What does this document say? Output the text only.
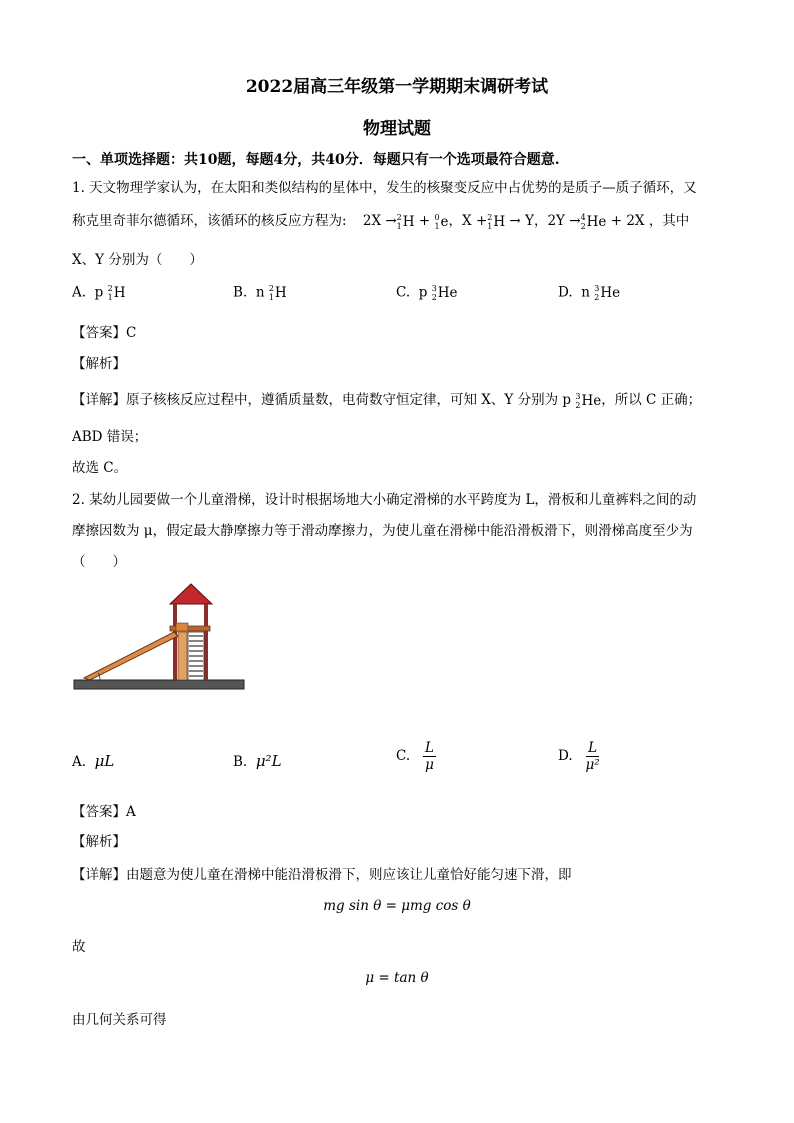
2022届高三年级第一学期期末调研考试
物理试题
一、单项选择题：共10题，每题4分，共40分．每题只有一个选项最符合题意.
1. 天文物理学家认为，在太阳和类似结构的星体中，发生的核聚变反应中占优势的是质子—质子循环，又
称克里奇菲尔德循环，该循环的核反应方程为: 2X → 2
1 H + 0
1 e，X + 2
1 H → Y，2Y → 4
2 He + 2X ，其中
X、Y 分别为（　　）
A. p 2
1 H	B. n 2
1 H	C. p 3
2 He	D. n 3
2 He
【答案】C
【解析】
【详解】原子核核反应过程中，遵循质量数，电荷数守恒定律，可知 X、Y 分别为 p 3
2 He，所以 C 正确；
ABD 错误；
故选 C。
2. 某幼儿园要做一个儿童滑梯，设计时根据场地大小确定滑梯的水平跨度为 L，滑板和儿童裤料之间的动
摩擦因数为 μ，假定最大静摩擦力等于滑动摩擦力，为使儿童在滑梯中能沿滑板滑下，则滑梯高度至少为
（　　）
A. μL	B. μ²L	C. $\frac{L}{\mu}$	D. $\frac{L}{\text{μ²}}$
【答案】A
【解析】
【详解】由题意为使儿童在滑梯中能沿滑板滑下，则应该让儿童恰好能匀速下滑，即
mg sin θ = μmg cos θ
故
μ = tan θ
由几何关系可得
